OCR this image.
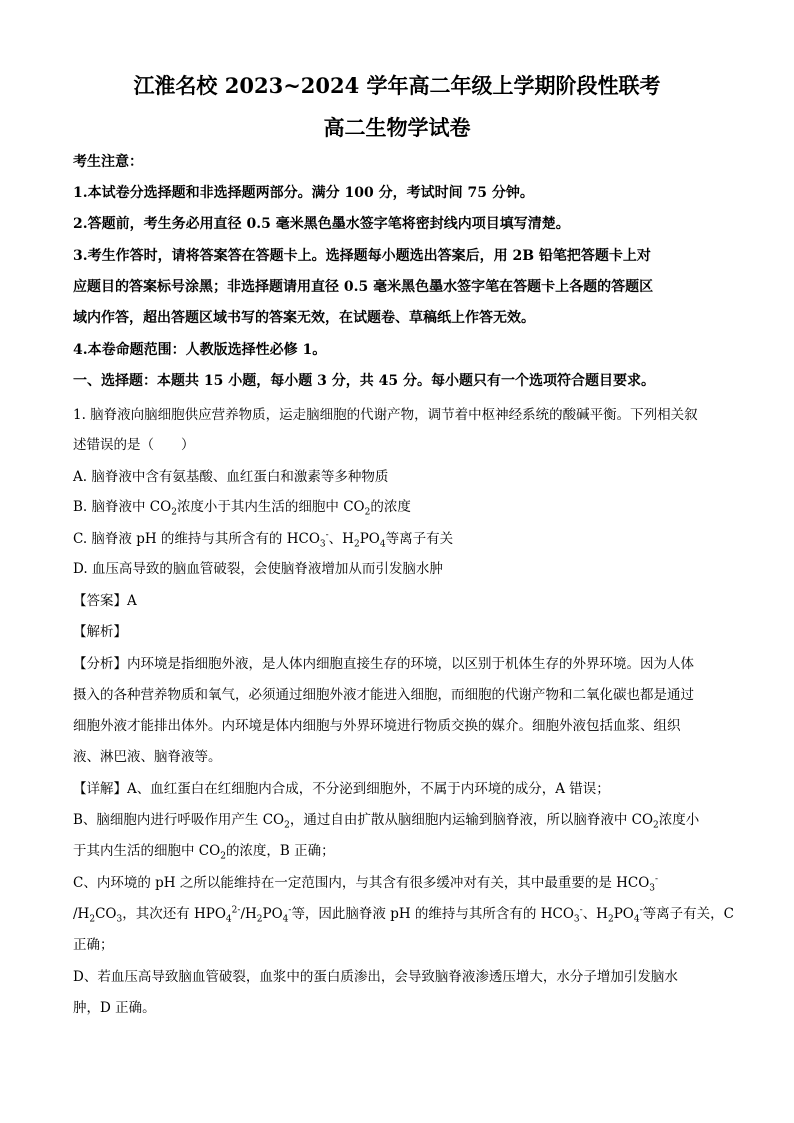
江淮名校 2023~2024 学年高二年级上学期阶段性联考
高二生物学试卷
考生注意：
1.本试卷分选择题和非选择题两部分。满分 100 分，考试时间 75 分钟。
2.答题前，考生务必用直径 0.5 毫米黑色墨水签字笔将密封线内项目填写清楚。
3.考生作答时，请将答案答在答题卡上。选择题每小题选出答案后，用 2B 铅笔把答题卡上对
应题目的答案标号涂黑；非选择题请用直径 0.5 毫米黑色墨水签字笔在答题卡上各题的答题区
域内作答，超出答题区域书写的答案无效，在试题卷、草稿纸上作答无效。
4.本卷命题范围：人教版选择性必修 1。
一、选择题：本题共 15 小题，每小题 3 分，共 45 分。每小题只有一个选项符合题目要求。
1. 脑脊液向脑细胞供应营养物质，运走脑细胞的代谢产物，调节着中枢神经系统的酸碱平衡。下列相关叙
述错误的是（　　）
A. 脑脊液中含有氨基酸、血红蛋白和激素等多种物质
B. 脑脊液中 $CO_2$浓度小于其内生活的细胞中 $CO_2$的浓度
C. 脑脊液 pH 的维持与其所含有的 $HCO_3^-$、$H_2PO_4$等离子有关
D. 血压高导致的脑血管破裂，会使脑脊液增加从而引发脑水肿
【答案】A
【解析】
【分析】内环境是指细胞外液，是人体内细胞直接生存的环境，以区别于机体生存的外界环境。因为人体
摄入的各种营养物质和氧气，必须通过细胞外液才能进入细胞，而细胞的代谢产物和二氧化碳也都是通过
细胞外液才能排出体外。内环境是体内细胞与外界环境进行物质交换的媒介。细胞外液包括血浆、组织
液、淋巴液、脑脊液等。
【详解】A、血红蛋白在红细胞内合成，不分泌到细胞外，不属于内环境的成分，A 错误；
B、脑细胞内进行呼吸作用产生 $CO_2$，通过自由扩散从脑细胞内运输到脑脊液，所以脑脊液中 $CO_2$浓度小
于其内生活的细胞中 $CO_2$的浓度，B 正确；
C、内环境的 pH 之所以能维持在一定范围内，与其含有很多缓冲对有关，其中最重要的是 $HCO_3^-$
$/H_2CO_3$，其次还有 $HPO_4^{2-}/H_2PO_4^-$等，因此脑脊液 pH 的维持与其所含有的 $HCO_3^-$、$H_2PO_4^-$等离子有关，C
正确；
D、若血压高导致脑血管破裂，血浆中的蛋白质渗出，会导致脑脊液渗透压增大，水分子增加引发脑水
肿，D 正确。
